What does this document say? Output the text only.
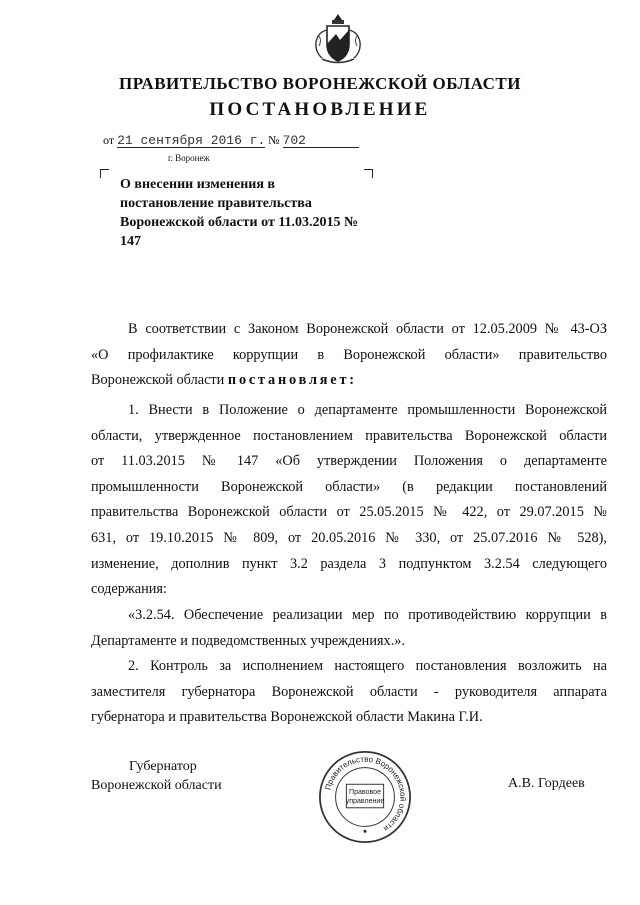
ПРАВИТЕЛЬСТВО ВОРОНЕЖСКОЙ ОБЛАСТИ
ПОСТАНОВЛЕНИЕ
от 21 сентября 2016 г. № 702
г. Воронеж
О внесении изменения в постановление правительства Воронежской области от 11.03.2015 № 147
В соответствии с Законом Воронежской области от 12.05.2009 № 43-ОЗ
«О профилактике коррупции в Воронежской области» правительство
Воронежской области постановляет:
1. Внести в Положение о департаменте промышленности Воронежской
области, утвержденное постановлением правительства Воронежской области
от 11.03.2015 № 147 «Об утверждении Положения о департаменте
промышленности Воронежской области» (в редакции постановлений
правительства Воронежской области от 25.05.2015 № 422, от 29.07.2015 №
631, от 19.10.2015 № 809, от 20.05.2016 № 330, от 25.07.2016 № 528),
изменение, дополнив пункт 3.2 раздела 3 подпунктом 3.2.54 следующего
содержания:
«3.2.54. Обеспечение реализации мер по противодействию коррупции в
Департаменте и подведомственных учреждениях.».
2. Контроль за исполнением настоящего постановления возложить на
заместителя губернатора Воронежской области - руководителя аппарата
губернатора и правительства Воронежской области Макина Г.И.
Губернатор
Воронежской области	Правительство Воронежской области
Правовое
управление
А.В. Гордеев
